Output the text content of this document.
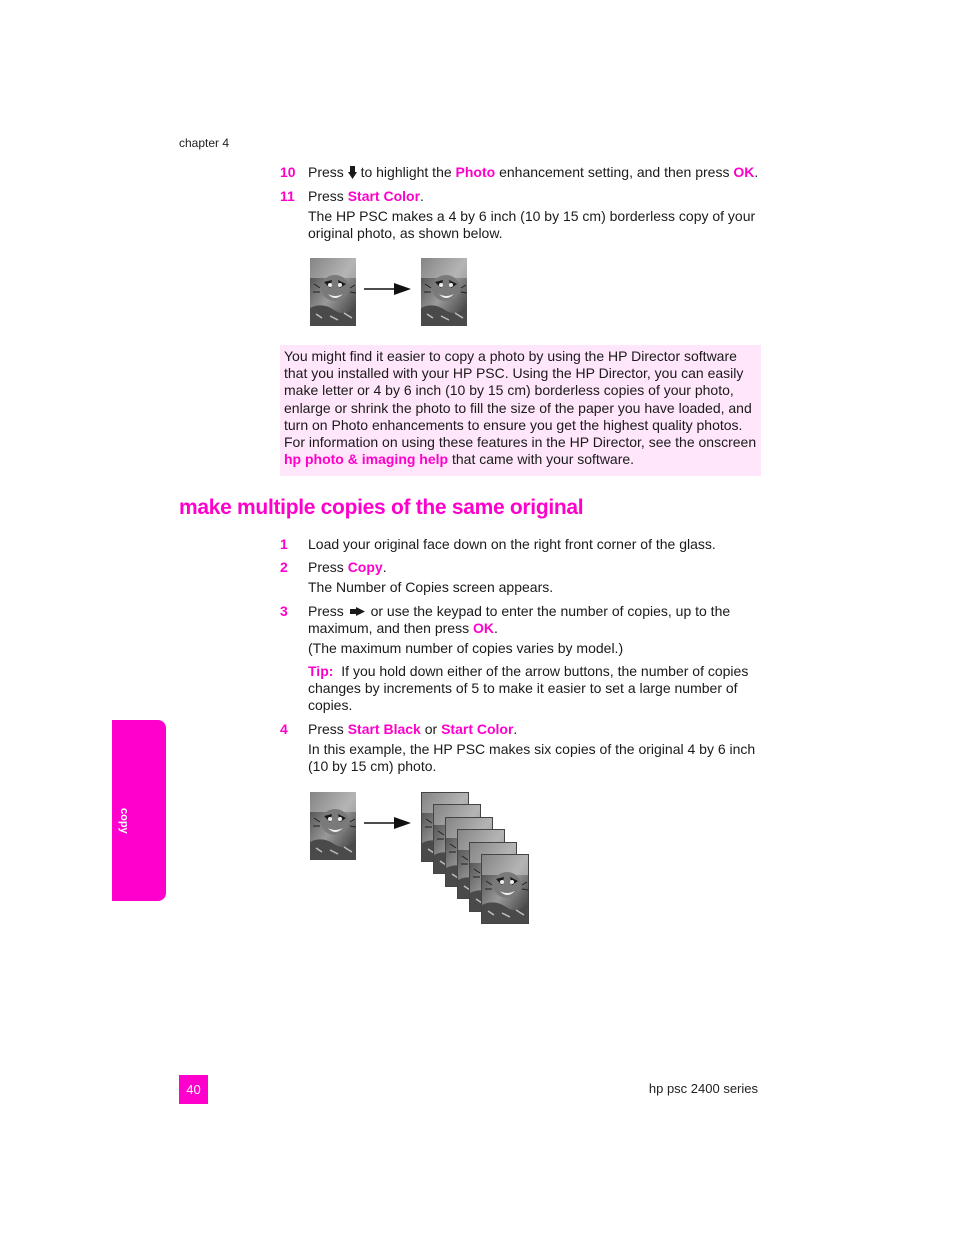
chapter 4
10 Press to highlight the Photo enhancement setting, and then press OK.
11 Press Start Color.
The HP PSC makes a 4 by 6 inch (10 by 15 cm) borderless copy of your original photo, as shown below.

You might find it easier to copy a photo by using the HP Director software that you installed with your HP PSC. Using the HP Director, you can easily make letter or 4 by 6 inch (10 by 15 cm) borderless copies of your photo, enlarge or shrink the photo to fill the size of the paper you have loaded, and turn on Photo enhancements to ensure you get the highest quality photos. For information on using these features in the HP Director, see the onscreen hp photo & imaging help that came with your software.

make multiple copies of the same original
1	Load your original face down on the right front corner of the glass.
2	Press Copy.
The Number of Copies screen appears.
3	Press or use the keypad to enter the number of copies, up to the maximum, and then press OK.
(The maximum number of copies varies by model.)
Tip: If you hold down either of the arrow buttons, the number of copies changes by increments of 5 to make it easier to set a large number of copies.
4	Press Start Black or Start Color.
In this example, the HP PSC makes six copies of the original 4 by 6 inch (10 by 15 cm) photo.
copy
40	hp psc 2400 series
